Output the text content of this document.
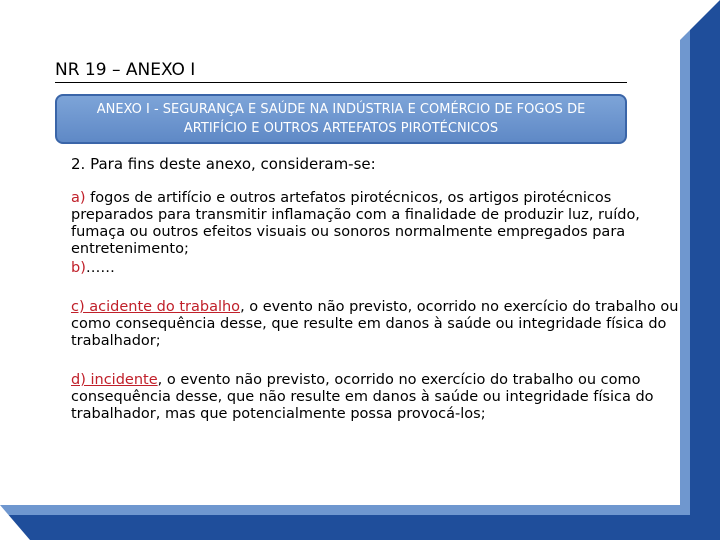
NR 19 – ANEXO I
ANEXO I - SEGURANÇA E SAÚDE NA INDÚSTRIA E COMÉRCIO DE FOGOS DE
ARTIFÍCIO E OUTROS ARTEFATOS PIROTÉCNICOS

2. Para fins deste anexo, consideram-se:

a) fogos de artifício e outros artefatos pirotécnicos, os artigos pirotécnicos preparados para transmitir inflamação com a finalidade de produzir luz, ruído, fumaça ou outros efeitos visuais ou sonoros normalmente empregados para entretenimento;

b)……

c) acidente do trabalho, o evento não previsto, ocorrido no exercício do trabalho ou como consequência desse, que resulte em danos à saúde ou integridade física do trabalhador;

d) incidente, o evento não previsto, ocorrido no exercício do trabalho ou como consequência desse, que não resulte em danos à saúde ou integridade física do trabalhador, mas que potencialmente possa provocá-los;
